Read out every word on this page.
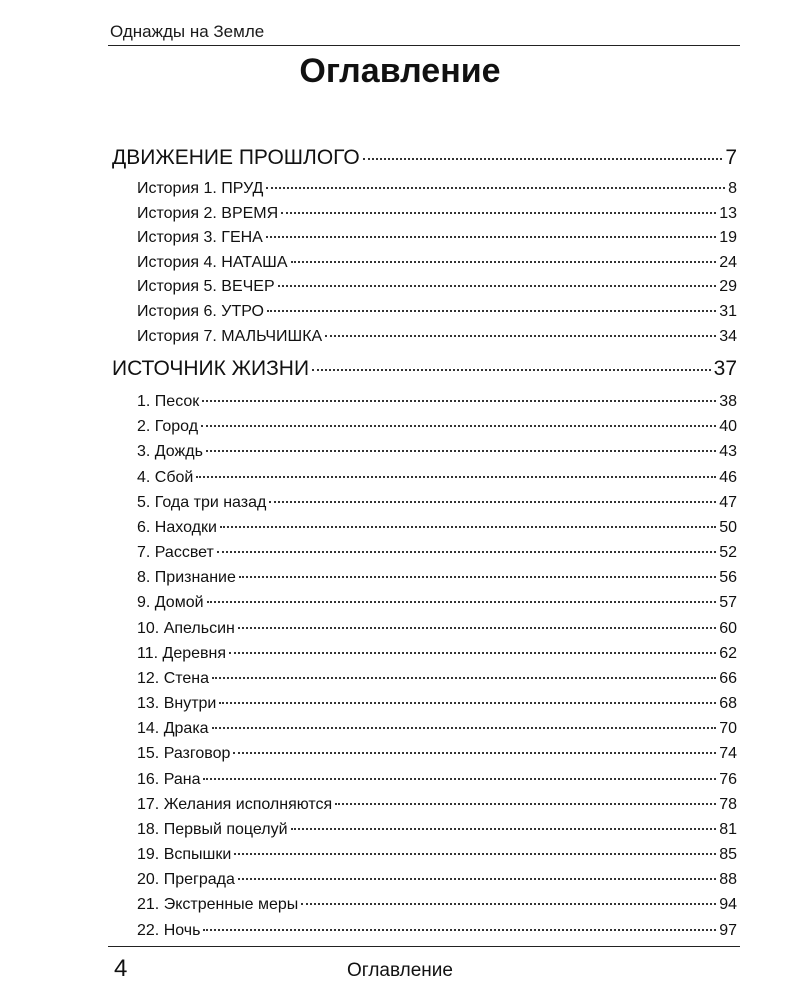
Однажды на Земле
Оглавление
ДВИЖЕНИЕ ПРОШЛОГО	7
История 1. ПРУД	8
История 2. ВРЕМЯ	13
История 3. ГЕНА	19
История 4. НАТАША	24
История 5. ВЕЧЕР	29
История 6. УТРО	31
История 7. МАЛЬЧИШКА	34
ИСТОЧНИК ЖИЗНИ	37
1. Песок	38
2. Город	40
3. Дождь	43
4. Сбой	46
5. Года три назад	47
6. Находки	50
7. Рассвет	52
8. Признание	56
9. Домой	57
10. Апельсин	60
11. Деревня	62
12. Стена	66
13. Внутри	68
14. Драка	70
15. Разговор	74
16. Рана	76
17. Желания исполняются	78
18. Первый поцелуй	81
19. Вспышки	85
20. Преграда	88
21. Экстренные меры	94
22. Ночь	97
4	Оглавление
